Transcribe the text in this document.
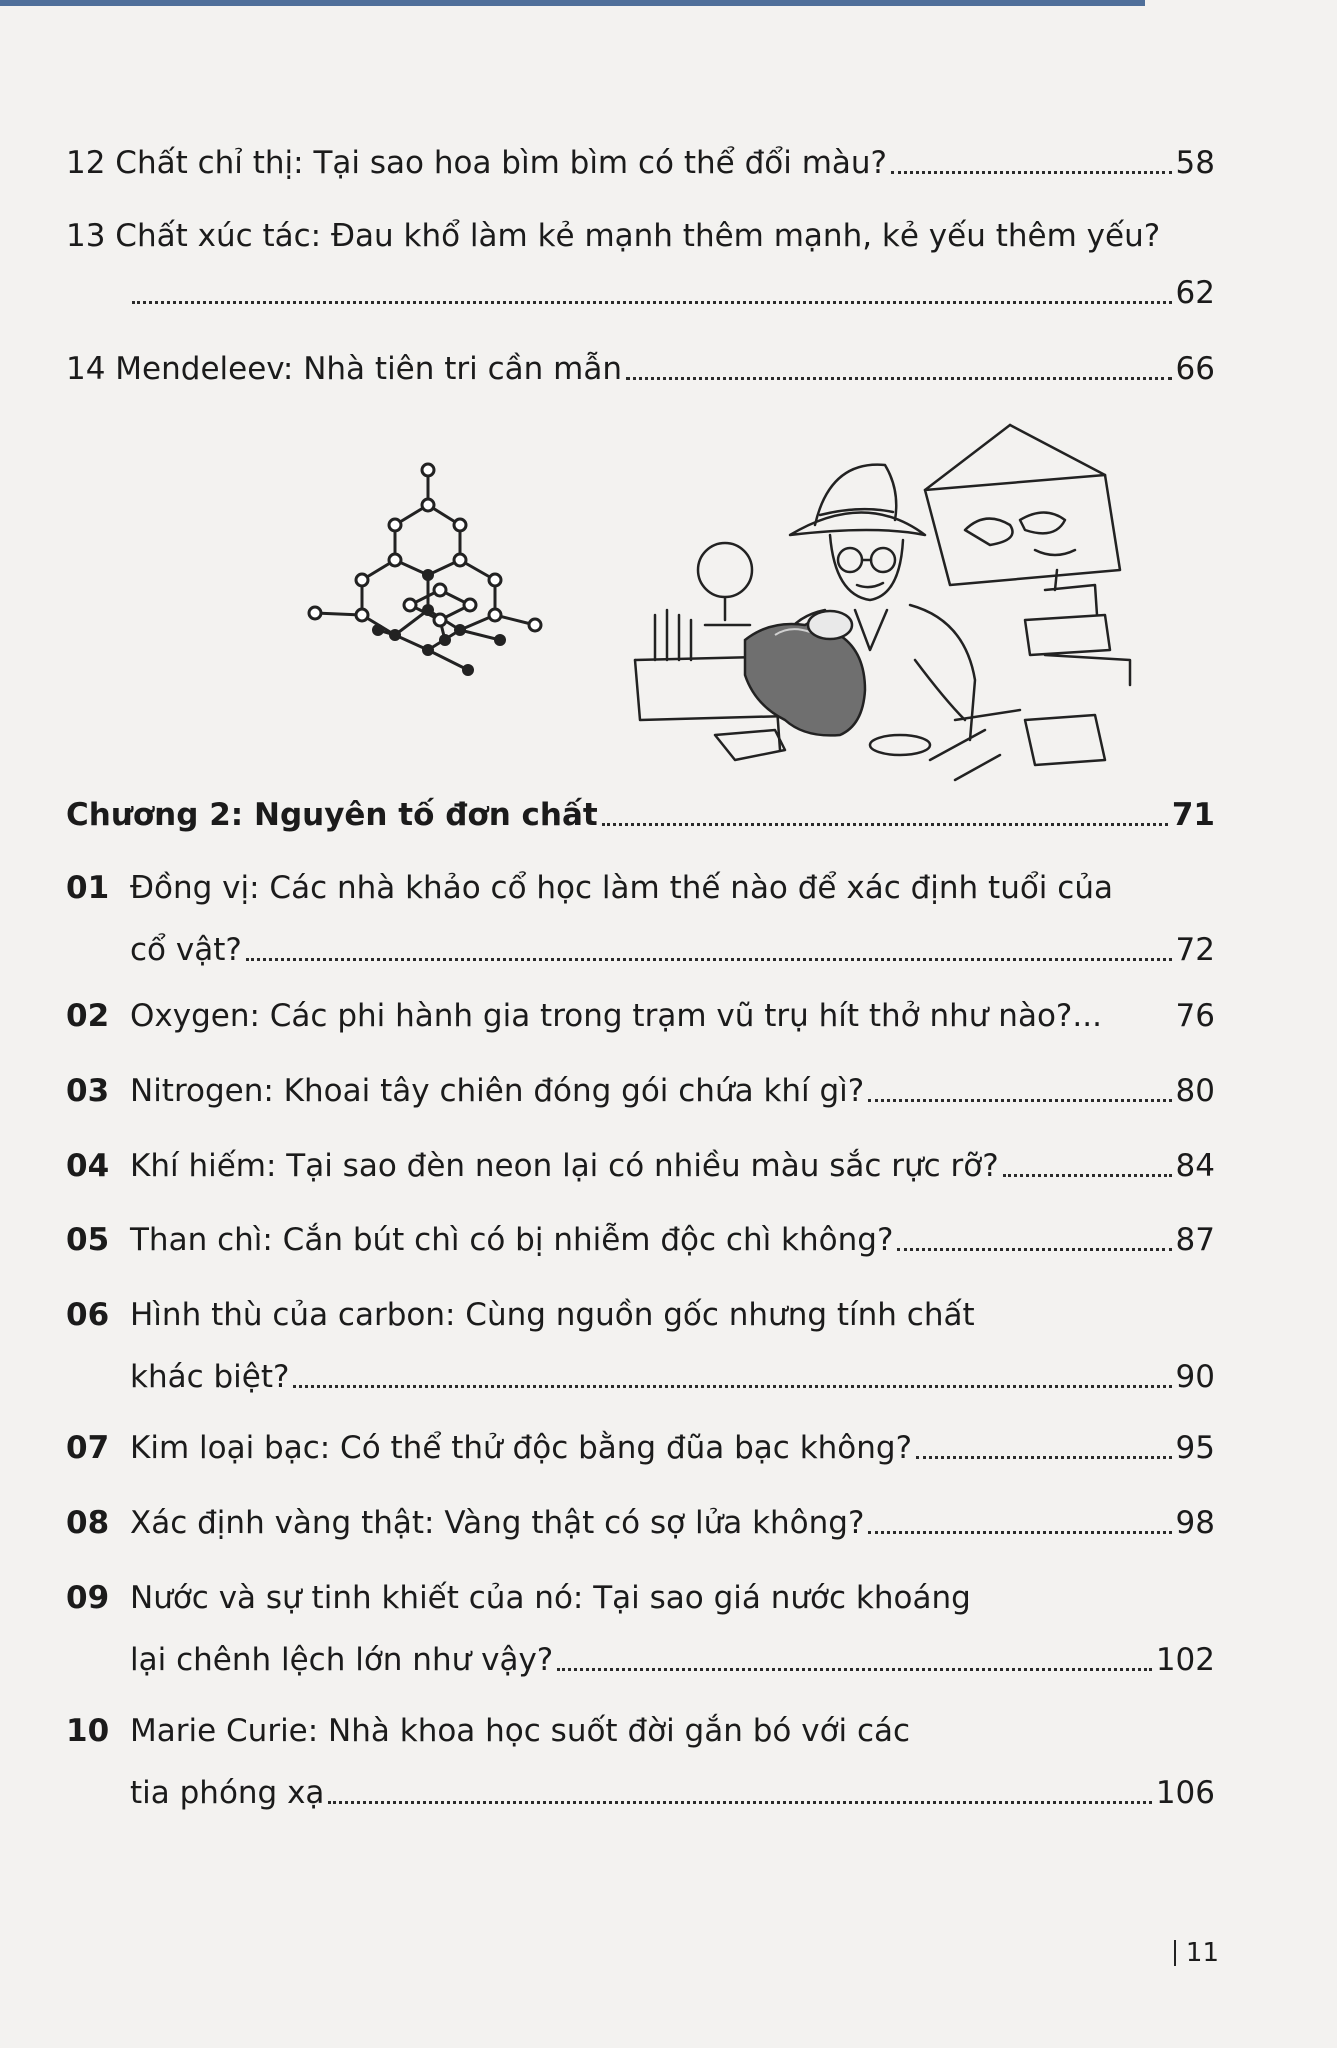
12 Chất chỉ thị: Tại sao hoa bìm bìm có thể đổi màu?	58
13 Chất xúc tác: Đau khổ làm kẻ mạnh thêm mạnh, kẻ yếu thêm yếu?
62
14 Mendeleev: Nhà tiên tri cần mẫn	66
Chương 2: Nguyên tố đơn chất	71
01 Đồng vị: Các nhà khảo cổ học làm thế nào để xác định tuổi của
cổ vật?	72
02 Oxygen: Các phi hành gia trong trạm vũ trụ hít thở như nào?... 76
03 Nitrogen: Khoai tây chiên đóng gói chứa khí gì?	80
04 Khí hiếm: Tại sao đèn neon lại có nhiều màu sắc rực rỡ?	84
05 Than chì: Cắn bút chì có bị nhiễm độc chì không?	87
06 Hình thù của carbon: Cùng nguồn gốc nhưng tính chất
khác biệt?	90
07 Kim loại bạc: Có thể thử độc bằng đũa bạc không?	95
08 Xác định vàng thật: Vàng thật có sợ lửa không?	98
09 Nước và sự tinh khiết của nó: Tại sao giá nước khoáng
lại chênh lệch lớn như vậy?	102
10 Marie Curie: Nhà khoa học suốt đời gắn bó với các
tia phóng xạ	106
11
